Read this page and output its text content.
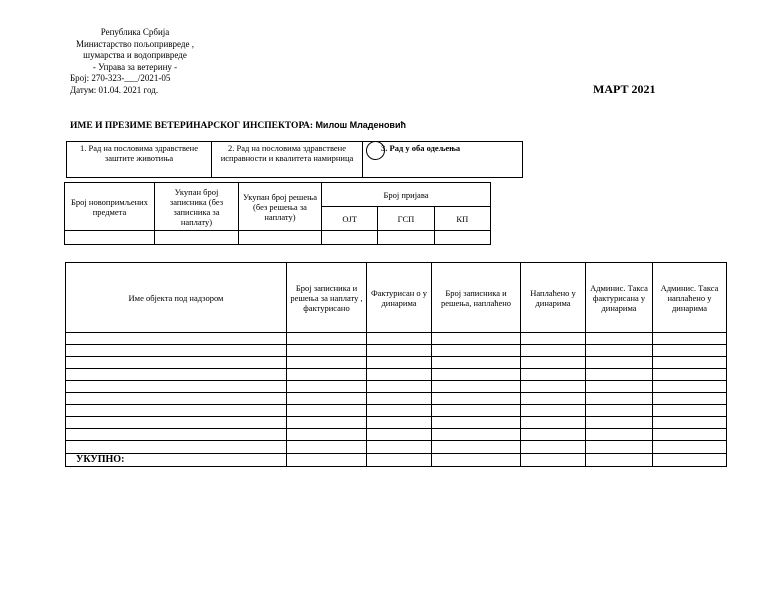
Република Србија
Министарство пољопривреде ,
шумарства и водопривреде
- Управа за ветерину -
Број: 270-323-___/2021-05
Датум: 01.04. 2021 год.	МАРТ 2021
ИМЕ И ПРЕЗИМЕ ВЕТЕРИНАРСКОГ ИНСПЕКТОРА: Милош Младеновић
1. Рад на пословима здравствене заштите животиња	2. Рад на пословима здравствене исправности и квалитета намирница	3. Рад у оба одељења
Број новопримљених предмета	Укупан број записника (без записника за наплату)	Укупан број решења (без решења за наплату)	Број пријава		
			ОЈТ	ГСП	КП

Име објекта под надзором	Број записника и решења за наплату , фактурисано	Фактурисан о у динарима	Број записника и решења, наплаћено	Наплаћено у динарима	Админис. Такса фактурисана у динарима	Админис. Такса наплаћено у динарима

УКУПНО:						
